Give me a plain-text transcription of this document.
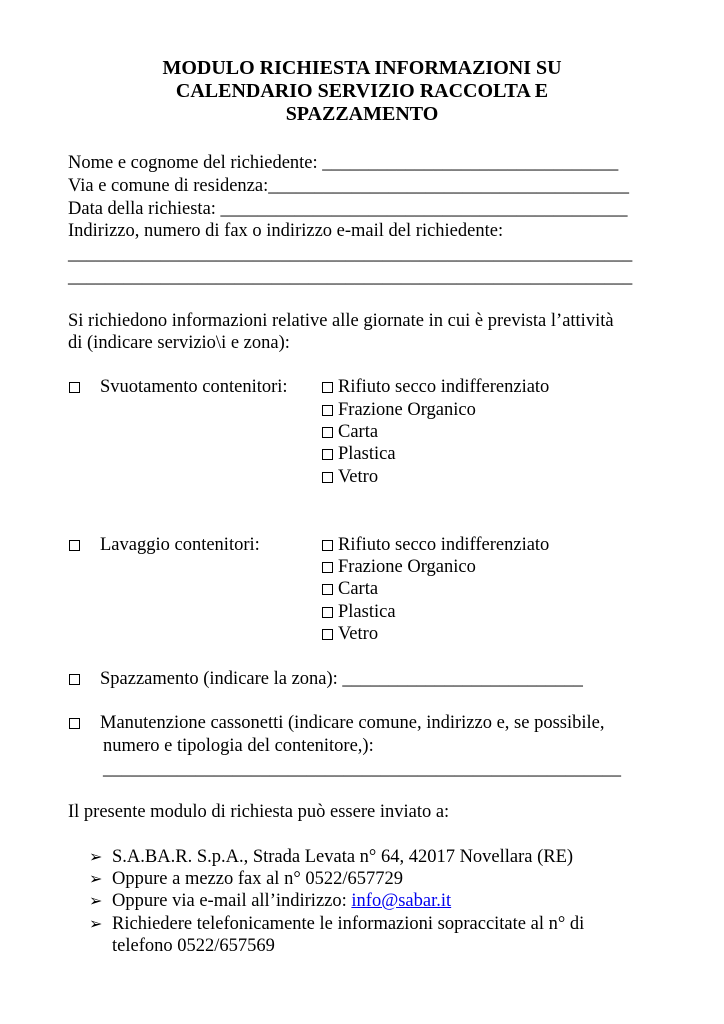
MODULO RICHIESTA INFORMAZIONI SU
CALENDARIO SERVIZIO RACCOLTA E
SPAZZAMENTO
Nome e cognome del richiedente: ________________________________
Via e comune di residenza:_______________________________________
Data della richiesta: ____________________________________________
Indirizzo, numero di fax o indirizzo e-mail del richiedente:
_____________________________________________________________
_____________________________________________________________
Si richiedono informazioni relative alle giornate in cui è prevista l’attività
di (indicare servizio\i e zona):
Svuotamento contenitori:	Rifiuto secco indifferenziato
Frazione Organico
Carta
Plastica
Vetro
Lavaggio contenitori:	Rifiuto secco indifferenziato
Frazione Organico
Carta
Plastica
Vetro
Spazzamento (indicare la zona): __________________________
Manutenzione cassonetti (indicare comune, indirizzo e, se possibile,
numero e tipologia del contenitore,):
________________________________________________________
Il presente modulo di richiesta può essere inviato a:
➢ S.A.BA.R. S.p.A., Strada Levata n° 64, 42017 Novellara (RE)
➢ Oppure a mezzo fax al n° 0522/657729
➢ Oppure via e-mail all’indirizzo: info@sabar.it
➢ Richiedere telefonicamente le informazioni sopraccitate al n° di
telefono 0522/657569
